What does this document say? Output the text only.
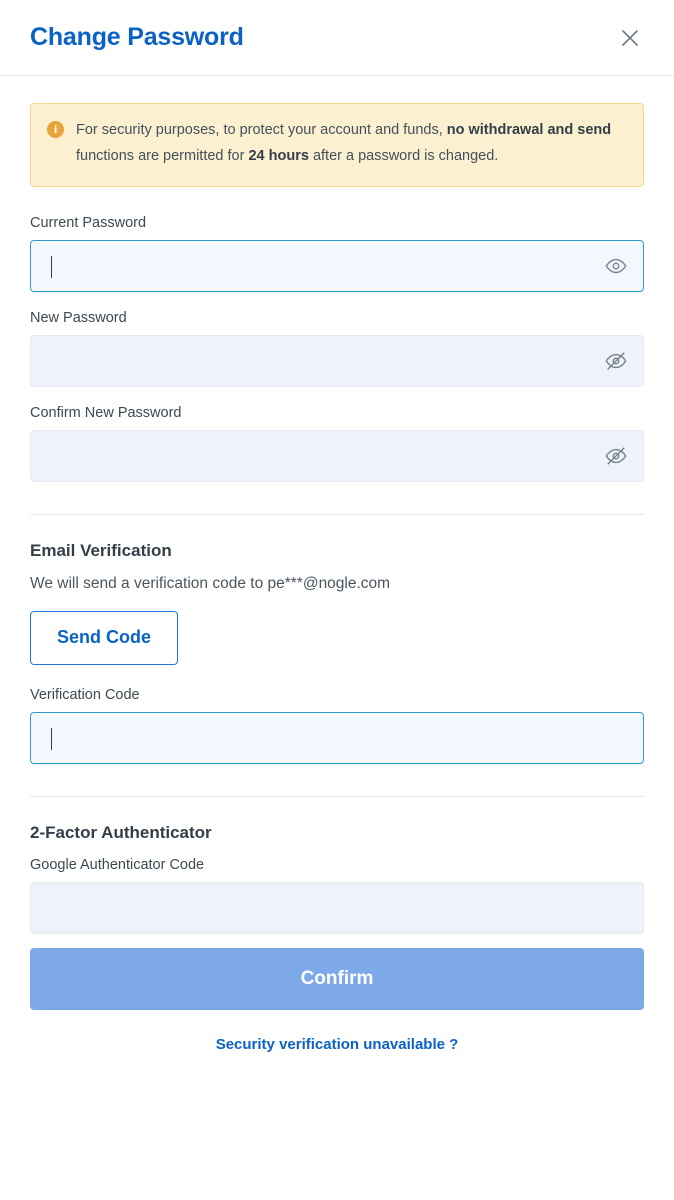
Change Password
i	For security purposes, to protect your account and funds, no withdrawal and send functions are permitted for 24 hours after a password is changed.
Current Password
New Password
Confirm New Password
Email Verification
We will send a verification code to pe***@nogle.com
Send Code
Verification Code
2-Factor Authenticator
Google Authenticator Code
Confirm
Security verification unavailable ?
